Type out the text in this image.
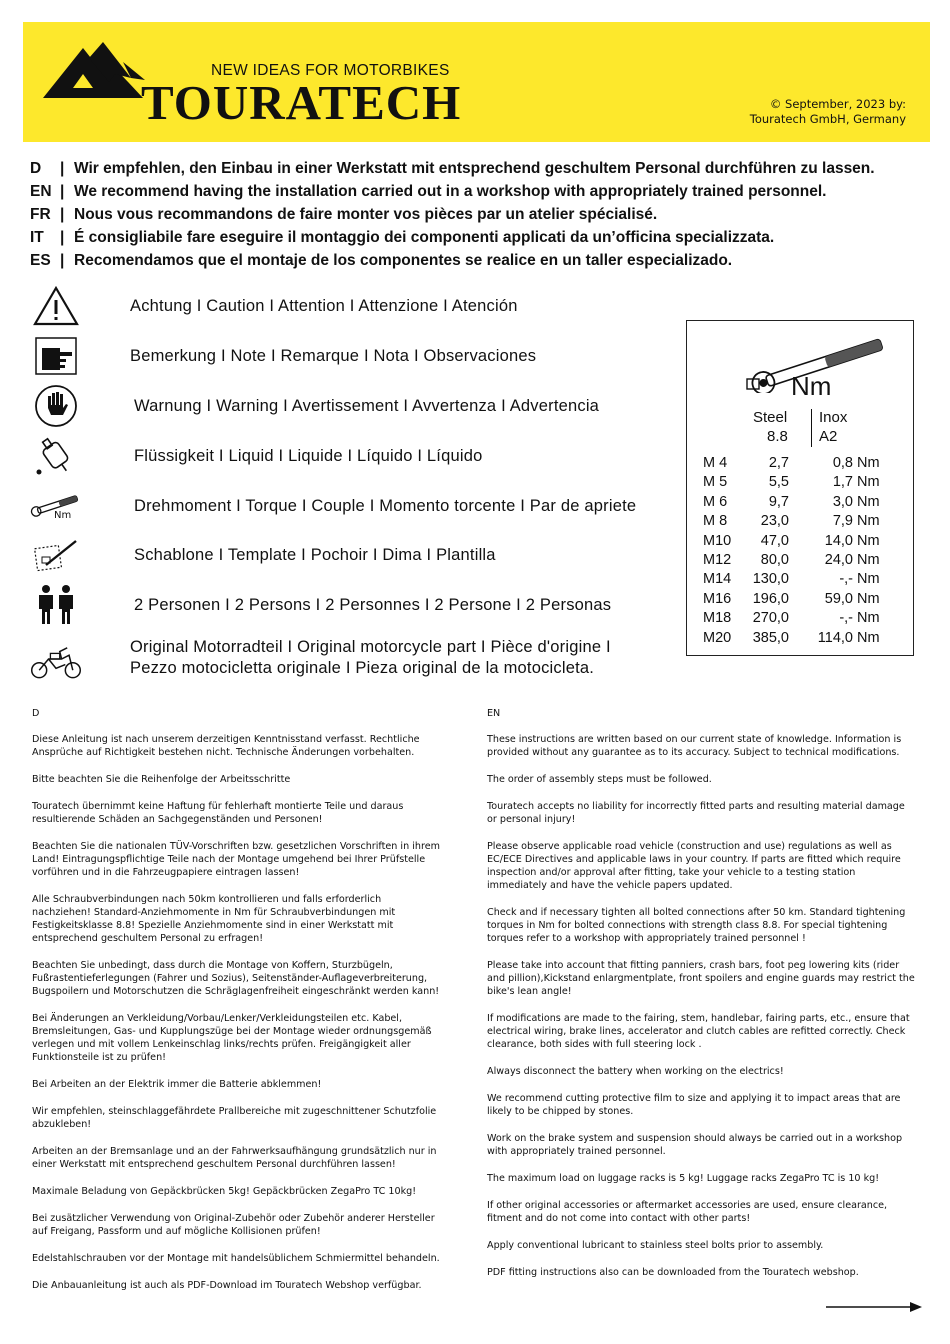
NEW IDEAS FOR MOTORBIKES
TOURATECH	© September, 2023 by:
Touratech GmbH, Germany
D	| Wir empfehlen, den Einbau in einer Werkstatt mit entsprechend geschultem Personal durchführen zu lassen.
EN | We recommend having the installation carried out in a workshop with appropriately trained personnel.
FR | Nous vous recommandons de faire monter vos pièces par un atelier spécialisé.
IT	| É consigliabile fare eseguire il montaggio dei componenti applicati da un’officina specializzata.
ES | Recomendamos que el montaje de los componentes se realice en un taller especializado.
Achtung I Caution I Attention I Attenzione I Atención
Bemerkung I Note I Remarque I Nota I Observaciones
Warnung I Warning I Avertissement I Avvertenza I Advertencia
Flüssigkeit I Liquid I Liquide I Líquido I Líquido
Nm
Drehmoment I Torque I Couple I Momento torcente I Par de apriete
Schablone I Template I Pochoir I Dima I Plantilla
2 Personen I 2 Persons I 2 Personnes I 2 Persone I 2 Personas
Original Motorradteil I Original motorcycle part I Pièce d'origine I
Pezzo motocicletta originale I Pieza original de la motocicleta.
Nm
Steel
8.8
Inox
A2
M 4	2,7	0,8 Nm
M 5	5,5	1,7 Nm
M 6	9,7	3,0 Nm
M 8 23,0	7,9 Nm
M10 47,0 14,0 Nm
M12 80,0 24,0 Nm
M14 130,0	-,- Nm
M16 196,0 59,0 Nm
M18 270,0	-,- Nm
M20 385,0 114,0 Nm
D
Diese Anleitung ist nach unserem derzeitigen Kenntnisstand verfasst. Rechtliche Ansprüche auf Richtigkeit bestehen nicht. Technische Änderungen vorbehalten.
Bitte beachten Sie die Reihenfolge der Arbeitsschritte
Touratech übernimmt keine Haftung für fehlerhaft montierte Teile und daraus resultierende Schäden an Sachgegenständen und Personen!
Beachten Sie die nationalen TÜV-Vorschriften bzw. gesetzlichen Vorschriften in ihrem Land! Eintragungspflichtige Teile nach der Montage umgehend bei Ihrer Prüfstelle vorführen und in die Fahrzeugpapiere eintragen lassen!
Alle Schraubverbindungen nach 50km kontrollieren und falls erforderlich nachziehen! Standard-Anziehmomente in Nm für Schraubverbindungen mit Festigkeitsklasse 8.8! Spezielle Anziehmomente sind in einer Werkstatt mit entsprechend geschultem Personal zu erfragen!
Beachten Sie unbedingt, dass durch die Montage von Koffern, Sturzbügeln, Fußrastentieferlegungen (Fahrer und Sozius), Seitenständer-Auflageverbreiterung, Bugspoilern und Motorschutzen die Schräglagenfreiheit eingeschränkt werden kann!
Bei Änderungen an Verkleidung/Vorbau/Lenker/Verkleidungsteilen etc. Kabel, Bremsleitungen, Gas- und Kupplungszüge bei der Montage wieder ordnungsgemäß verlegen und mit vollem Lenkeinschlag links/rechts prüfen. Freigängigkeit aller Funktionsteile ist zu prüfen!
Bei Arbeiten an der Elektrik immer die Batterie abklemmen!
Wir empfehlen, steinschlaggefährdete Prallbereiche mit zugeschnittener Schutzfolie abzukleben!
Arbeiten an der Bremsanlage und an der Fahrwerksaufhängung grundsätzlich nur in einer Werkstatt mit entsprechend geschultem Personal durchführen lassen!
Maximale Beladung von Gepäckbrücken 5kg! Gepäckbrücken ZegaPro TC 10kg!
Bei zusätzlicher Verwendung von Original-Zubehör oder Zubehör anderer Hersteller auf Freigang, Passform und auf mögliche Kollisionen prüfen!
Edelstahlschrauben vor der Montage mit handelsüblichem Schmiermittel behandeln.
Die Anbauanleitung ist auch als PDF-Download im Touratech Webshop verfügbar.
EN
These instructions are written based on our current state of knowledge. Information is provided without any guarantee as to its accuracy. Subject to technical modifications.
The order of assembly steps must be followed.
Touratech accepts no liability for incorrectly fitted parts and resulting material damage or personal injury!
Please observe applicable road vehicle (construction and use) regulations as well as EC/ECE Directives and applicable laws in your country. If parts are fitted which require inspection and/or approval after fitting, take your vehicle to a testing station immediately and have the vehicle papers updated.
Check and if necessary tighten all bolted connections after 50 km. Standard tightening torques in Nm for bolted connections with strength class 8.8. For special tightening torques refer to a workshop with appropriately trained personnel !
Please take into account that fitting panniers, crash bars, foot peg lowering kits (rider and pillion),Kickstand enlargmentplate, front spoilers and engine guards may restrict the bike's lean angle!
If modifications are made to the fairing, stem, handlebar, fairing parts, etc., ensure that electrical wiring, brake lines, accelerator and clutch cables are refitted correctly. Check clearance, both sides with full steering lock .
Always disconnect the battery when working on the electrics!
We recommend cutting protective film to size and applying it to impact areas that are likely to be chipped by stones.
Work on the brake system and suspension should always be carried out in a workshop with appropriately trained personnel.
The maximum load on luggage racks is 5 kg! Luggage racks ZegaPro TC is 10 kg!
If other original accessories or aftermarket accessories are used, ensure clearance, fitment and do not come into contact with other parts!
Apply conventional lubricant to stainless steel bolts prior to assembly.
PDF fitting instructions also can be downloaded from the Touratech webshop.
